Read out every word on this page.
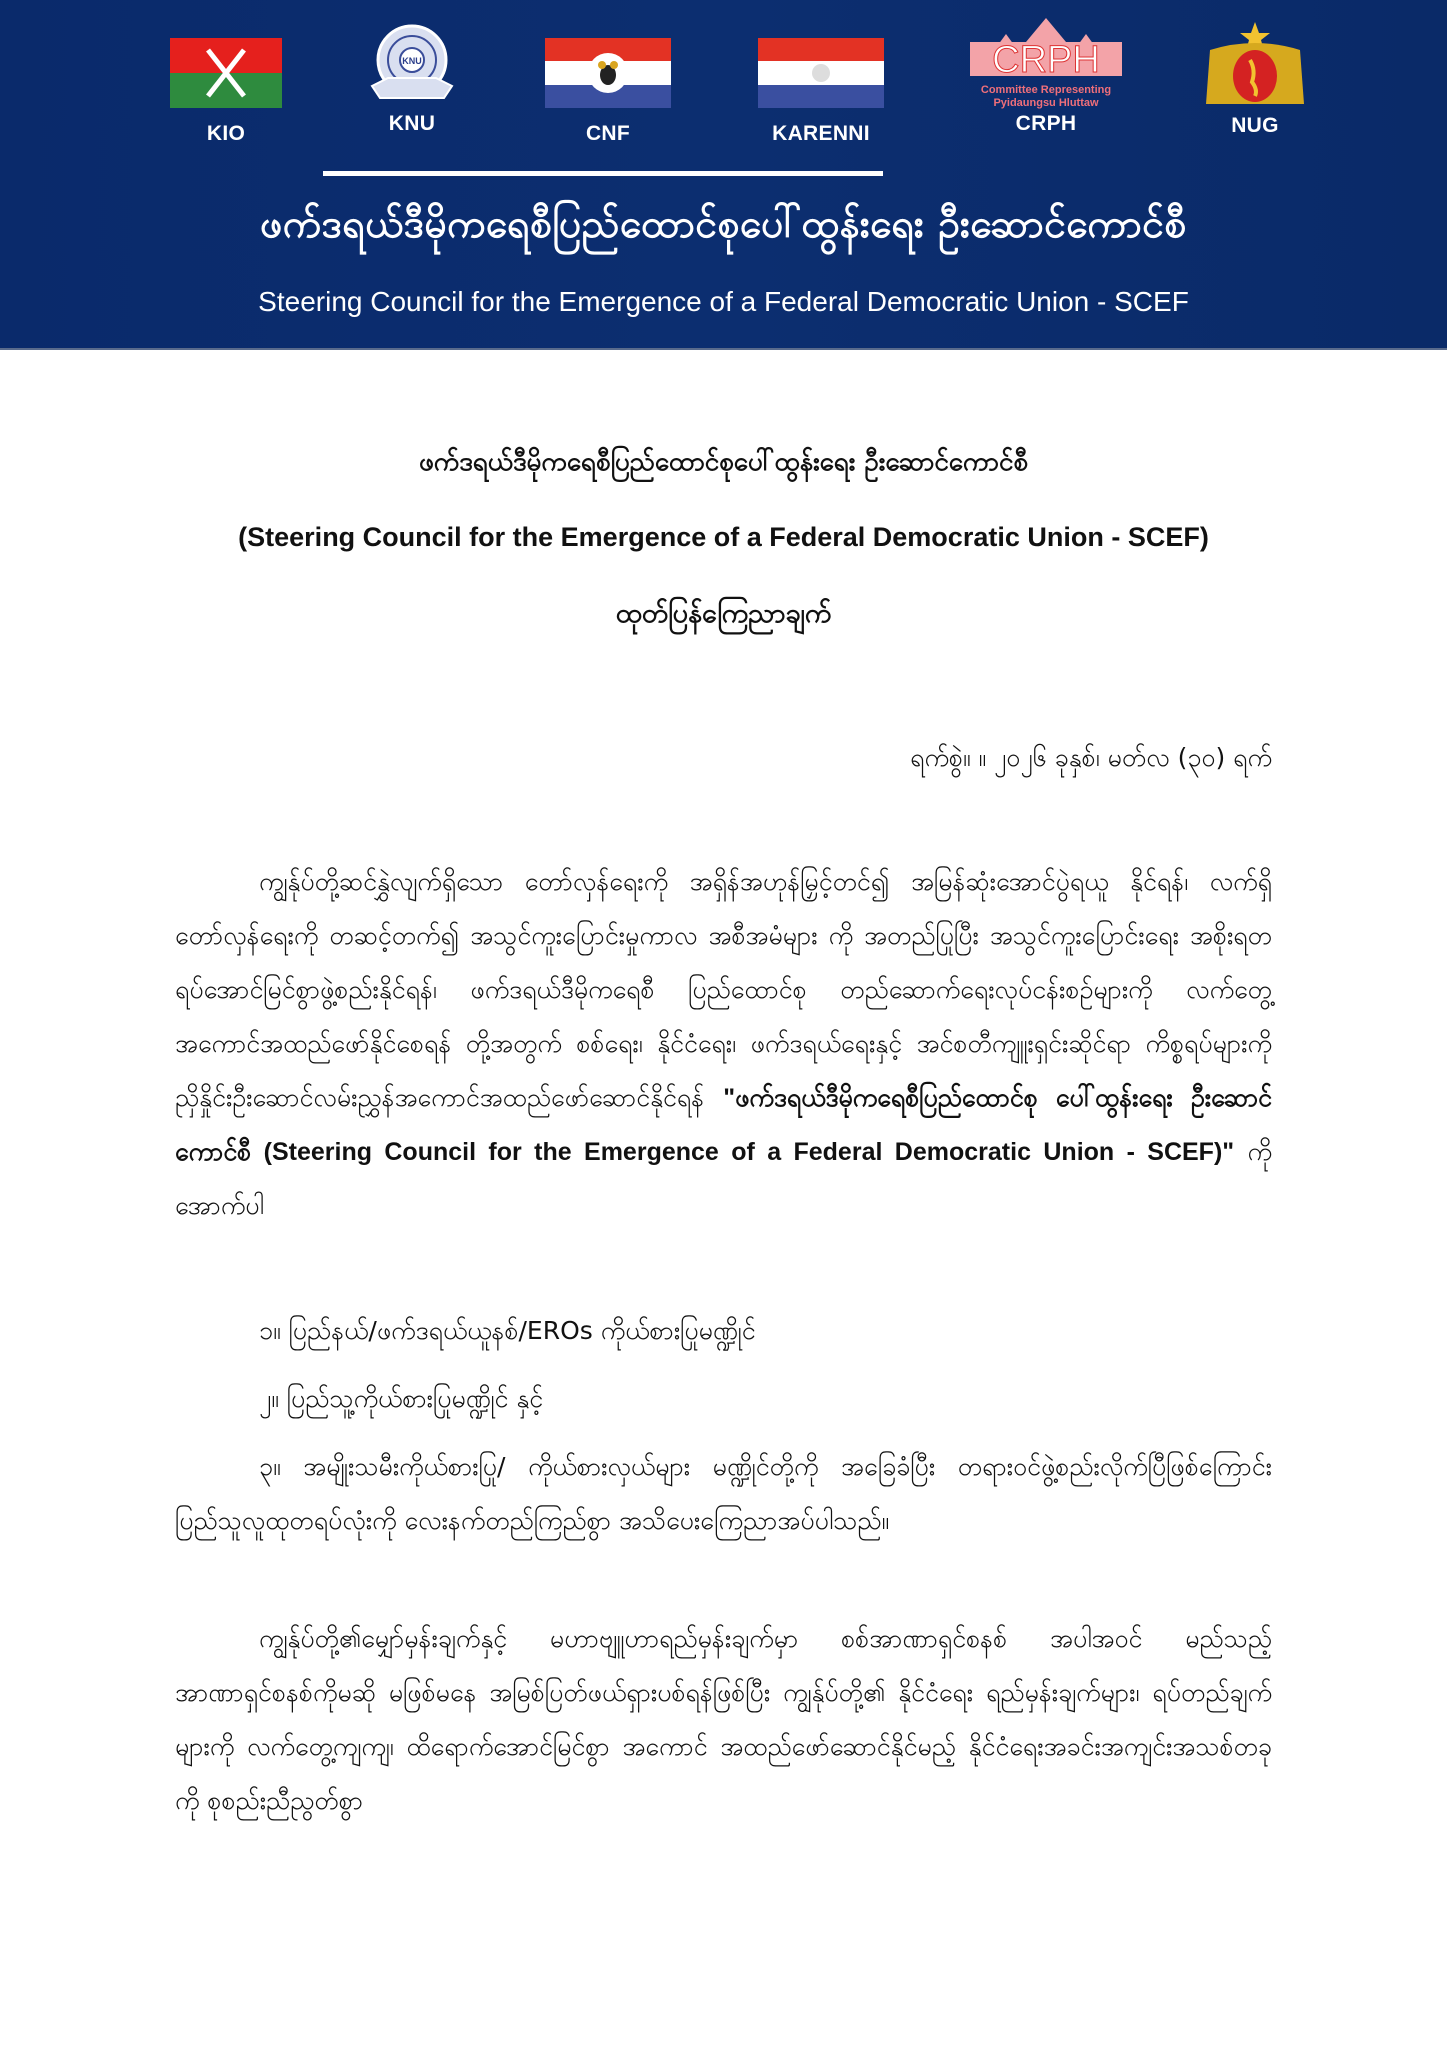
KIO
KNU
KNU	CNF	KARENNI
CRPH
Committee Representing
Pyidaungsu Hluttaw
CRPH	NUG
ဖက်ဒရယ်ဒီမိုကရေစီပြည်ထောင်စုပေါ်ထွန်းရေး ဦးဆောင်ကောင်စီ
Steering Council for the Emergence of a Federal Democratic Union - SCEF
ဖက်ဒရယ်ဒီမိုကရေစီပြည်ထောင်စုပေါ်ထွန်းရေး ဦးဆောင်ကောင်စီ
(Steering Council for the Emergence of a Federal Democratic Union - SCEF)
ထုတ်ပြန်ကြေညာချက်
ရက်စွဲ။ ။ ၂၀၂၆ ခုနှစ်၊ မတ်လ (၃၀) ရက်
ကျွန်ုပ်တို့ဆင်နွှဲလျက်ရှိသော တော်လှန်ရေးကို အရှိန်အဟုန်မြှင့်တင်၍ အမြန်ဆုံးအောင်ပွဲရယူ နိုင်ရန်၊ လက်ရှိတော်လှန်ရေးကို တဆင့်တက်၍ အသွင်ကူးပြောင်းမှုကာလ အစီအမံများ ကို အတည်ပြုပြီး အသွင်ကူးပြောင်းရေး အစိုးရတရပ်အောင်မြင်စွာဖွဲ့စည်းနိုင်ရန်၊ ဖက်ဒရယ်ဒီမိုကရေစီ ပြည်ထောင်စု တည်ဆောက်ရေးလုပ်ငန်းစဉ်များကို လက်တွေ့အကောင်အထည်ဖော်နိုင်စေရန် တို့အတွက် စစ်ရေး၊ နိုင်ငံရေး၊ ဖက်ဒရယ်ရေးနှင့် အင်စတီကျူးရှင်းဆိုင်ရာ ကိစ္စရပ်များကို ညှိနှိုင်းဦးဆောင်လမ်းညွှန်အကောင်အထည်ဖော်ဆောင်နိုင်ရန် "ဖက်ဒရယ်ဒီမိုကရေစီပြည်ထောင်စု ပေါ်ထွန်းရေး ဦးဆောင် ကောင်စီ (Steering Council for the Emergence of a Federal Democratic Union - SCEF)" ကို အောက်ပါ
၁။ ပြည်နယ်/ဖက်ဒရယ်ယူနစ်/EROs ကိုယ်စားပြုမဏ္ဍိုင်
၂။ ပြည်သူ့ကိုယ်စားပြုမဏ္ဍိုင် နှင့်
၃။ အမျိုးသမီးကိုယ်စားပြု/ ကိုယ်စားလှယ်များ မဏ္ဍိုင်တို့ကို အခြေခံပြီး တရားဝင်ဖွဲ့စည်းလိုက်ပြီဖြစ်ကြောင်း ပြည်သူလူထုတရပ်လုံးကို လေးနက်တည်ကြည်စွာ အသိပေးကြေညာအပ်ပါသည်။
ကျွန်ုပ်တို့၏မျှော်မှန်းချက်နှင့် မဟာဗျူဟာရည်မှန်းချက်မှာ စစ်အာဏာရှင်စနစ် အပါအဝင် မည်သည့် အာဏာရှင်စနစ်ကိုမဆို မဖြစ်မနေ အမြစ်ပြတ်ဖယ်ရှားပစ်ရန်ဖြစ်ပြီး ကျွန်ုပ်တို့၏ နိုင်ငံရေး ရည်မှန်းချက်များ၊ ရပ်တည်ချက်များကို လက်တွေ့ကျကျ၊ ထိရောက်အောင်မြင်စွာ အကောင် အထည်ဖော်ဆောင်နိုင်မည့် နိုင်ငံရေးအခင်းအကျင်းအသစ်တခုကို စုစည်းညီညွတ်စွာ
